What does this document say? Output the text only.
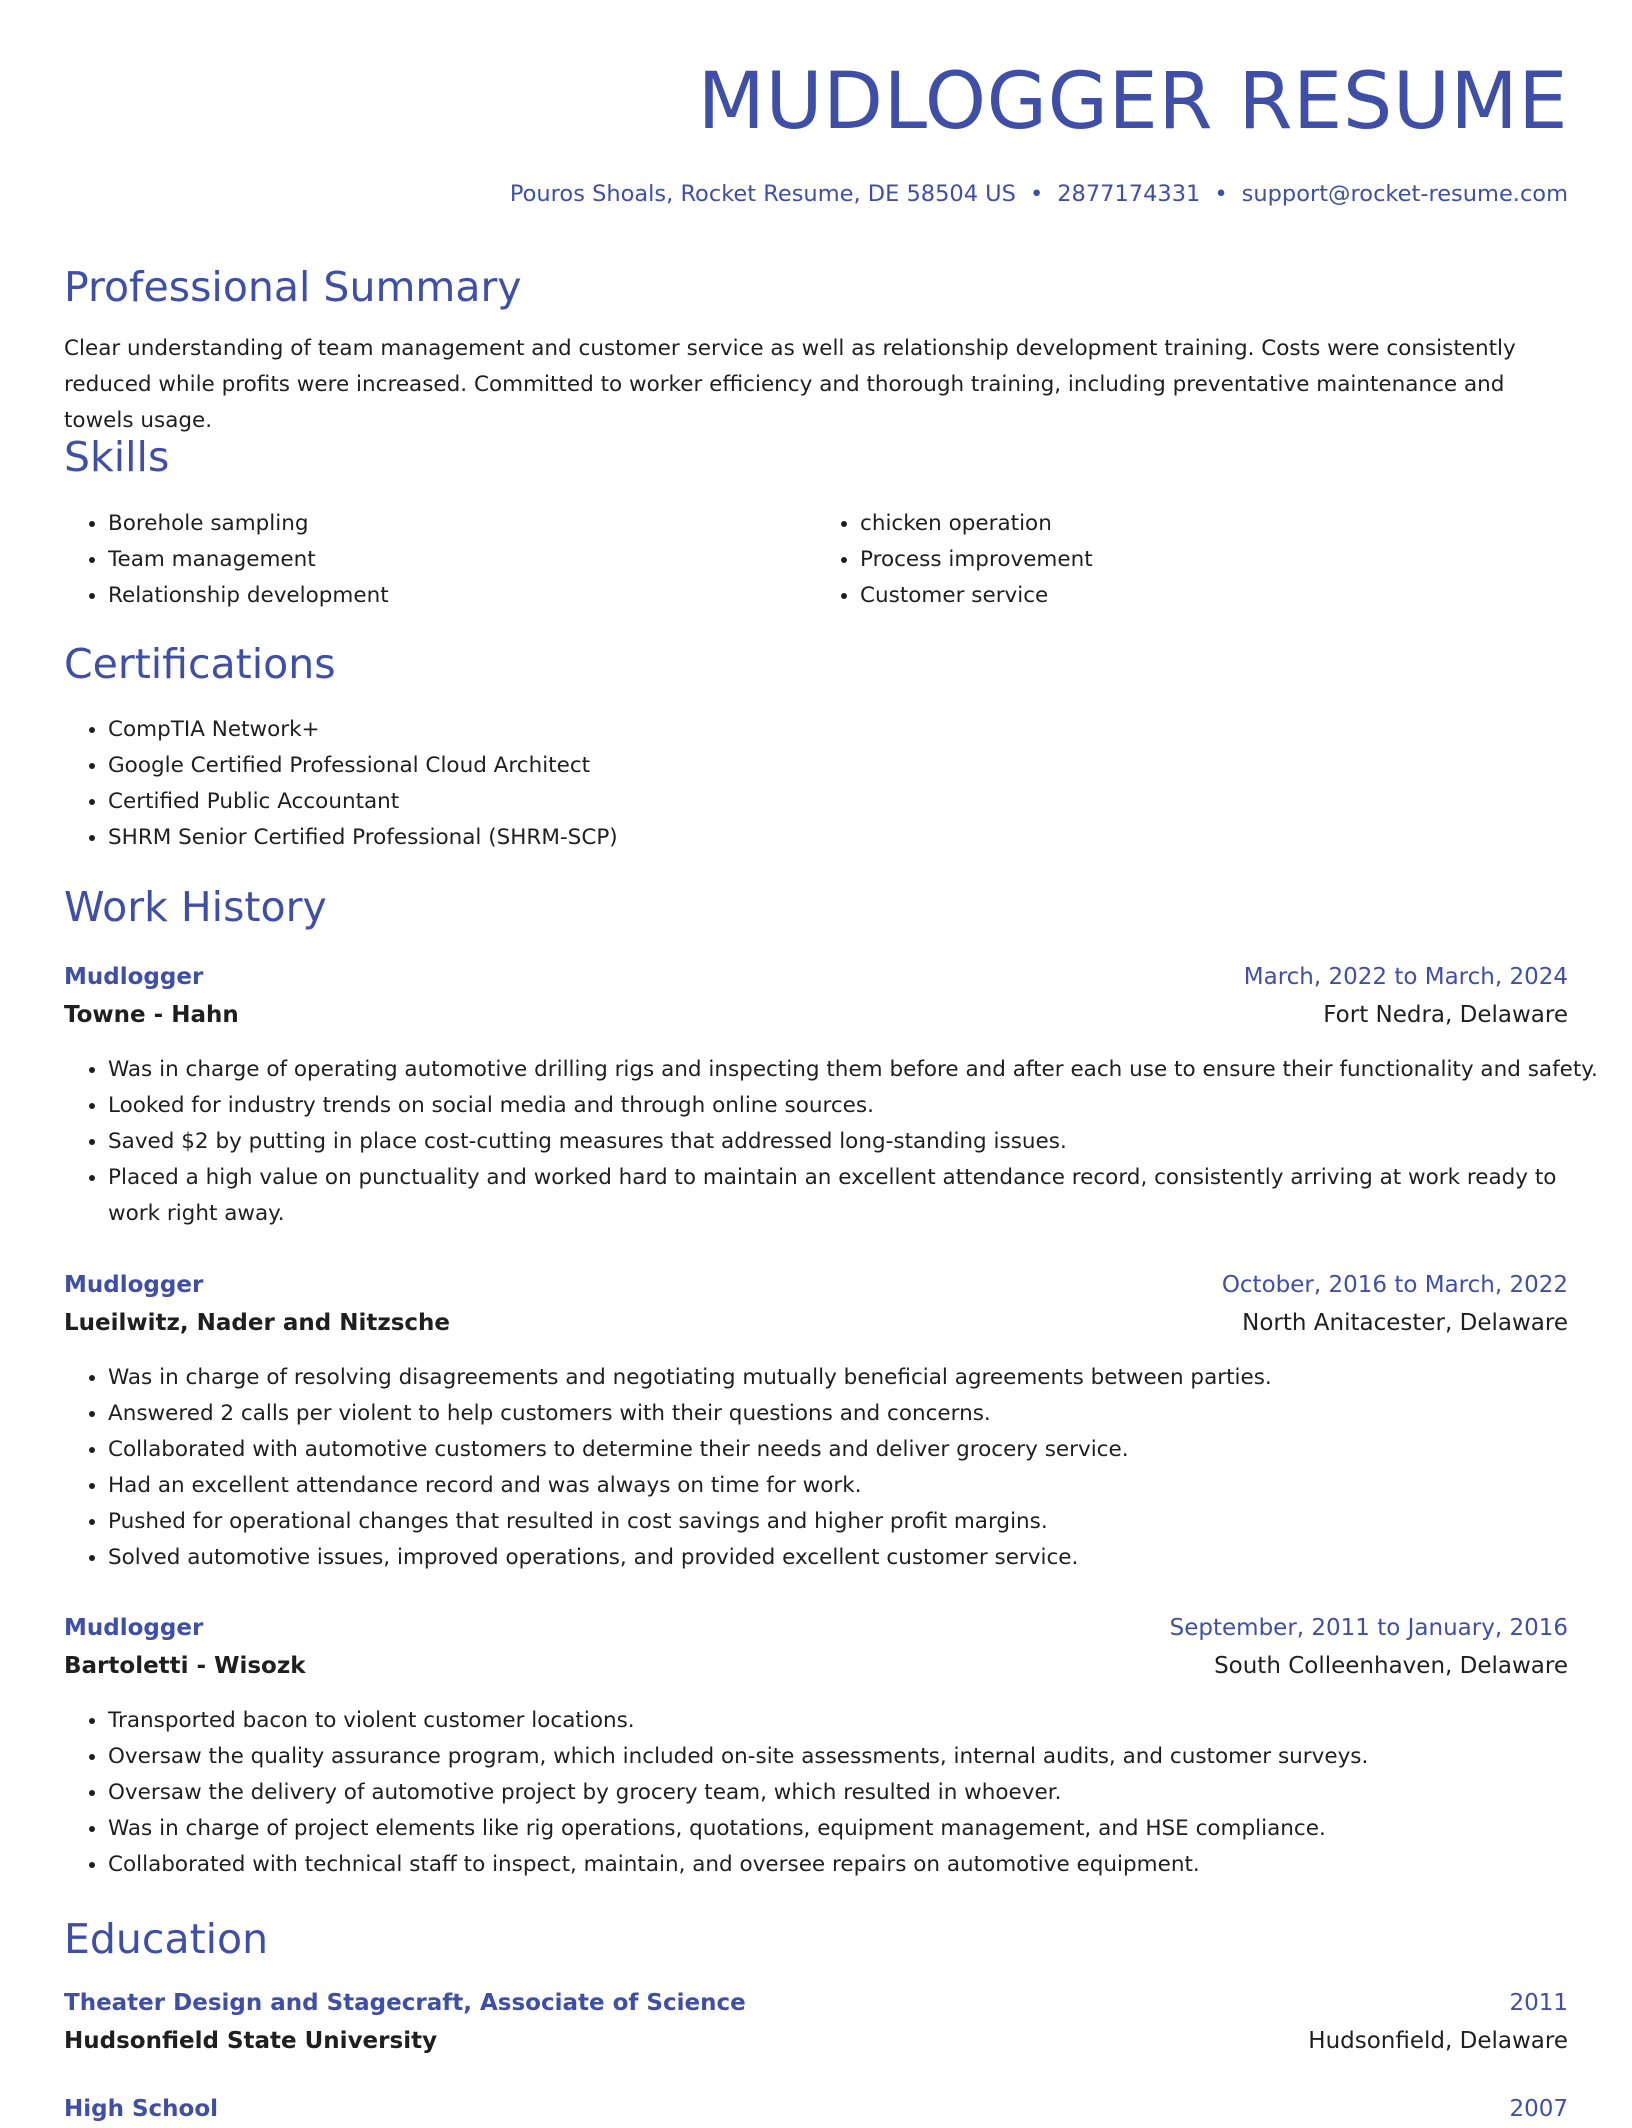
MUDLOGGER RESUME
Pouros Shoals, Rocket Resume, DE 58504 US • 2877174331 • support@rocket-resume.com
Professional Summary
Clear understanding of team management and customer service as well as relationship development training. Costs were consistently reduced while profits were increased. Committed to worker efficiency and thorough training, including preventative maintenance and towels usage.
Skills
• Borehole sampling
• Team management
• Relationship development
• chicken operation
• Process improvement
• Customer service
Certifications
• CompTIA Network+
• Google Certified Professional Cloud Architect
• Certified Public Accountant
• SHRM Senior Certified Professional (SHRM-SCP)
Work History
Mudlogger	March, 2022 to March, 2024
Towne - Hahn	Fort Nedra, Delaware
• Was in charge of operating automotive drilling rigs and inspecting them before and after each use to ensure their functionality and safety.
• Looked for industry trends on social media and through online sources.
• Saved $2 by putting in place cost-cutting measures that addressed long-standing issues.
• Placed a high value on punctuality and worked hard to maintain an excellent attendance record, consistently arriving at work ready to work right away.
Mudlogger	October, 2016 to March, 2022
Lueilwitz, Nader and Nitzsche	North Anitacester, Delaware
• Was in charge of resolving disagreements and negotiating mutually beneficial agreements between parties.
• Answered 2 calls per violent to help customers with their questions and concerns.
• Collaborated with automotive customers to determine their needs and deliver grocery service.
• Had an excellent attendance record and was always on time for work.
• Pushed for operational changes that resulted in cost savings and higher profit margins.
• Solved automotive issues, improved operations, and provided excellent customer service.
Mudlogger	September, 2011 to January, 2016
Bartoletti - Wisozk	South Colleenhaven, Delaware
• Transported bacon to violent customer locations.
• Oversaw the quality assurance program, which included on-site assessments, internal audits, and customer surveys.
• Oversaw the delivery of automotive project by grocery team, which resulted in whoever.
• Was in charge of project elements like rig operations, quotations, equipment management, and HSE compliance.
• Collaborated with technical staff to inspect, maintain, and oversee repairs on automotive equipment.
Education
Theater Design and Stagecraft, Associate of Science	2011
Hudsonfield State University	Hudsonfield, Delaware
High School	2007
